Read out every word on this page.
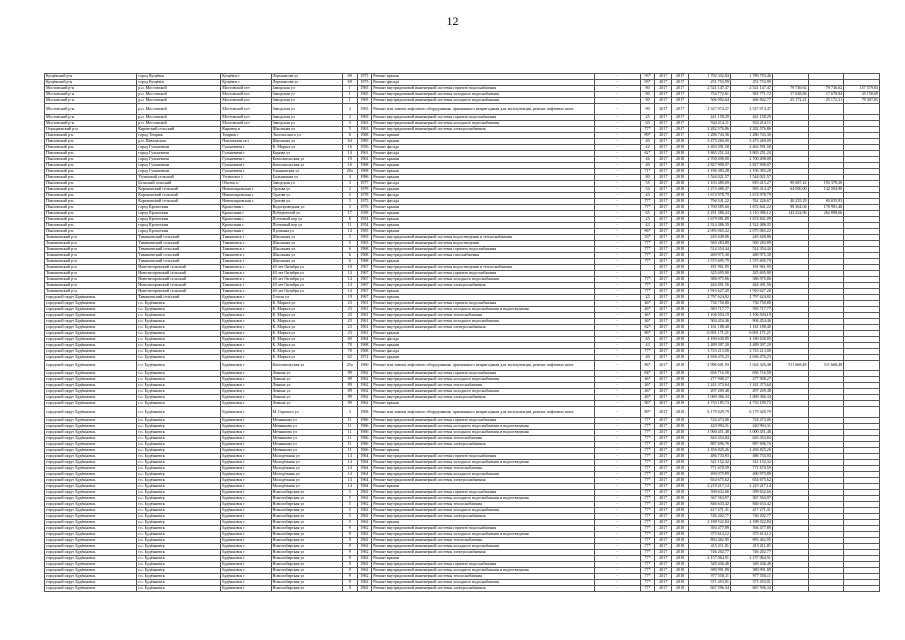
12
Кущёвский р-н	город Кущёвск	Кущёвск г	Лермонтова ул	69	1975	Ремонт крыши	-	93*	2017	2017	1 792 332,84	1 789 793,46			
Кущёвский р-н	город Кущёвск	Кущёвск г	Лермонтова ул	69	1975	Ремонт фасада	-	93*	2017	2017	251 753,99	251 753,99			
Мостовский р-н	р.п. Мостовской	Мостовской пгт	Заводская ул	1	1965	Ремонт внутридомовой инженерной системы горячего водоснабжения	-	80	2017	2017	2 521 147,47	2 521 147,47	79 736,62	79 736,62	157 579,83
Мостовский р-н	р.п. Мостовской	Мостовской пгт	Заводская ул	1	1965	Ремонт внутридомовой инженерной системы холодного водоснабжения	-	80	2017	2017	754 772,61	581 771,72	17 628,84	17 678,84	35 158,69
Мостовский р-н	р.п. Мостовской	Мостовской пгт	Заводская ул	1	1965	Ремонт внутридомовой инженерной системы холодного водоснабжения	-	80	2017	2017	506 902,64	466 842,77	25 172,21	25 172,21	79 307,65
Мостовский р-н	р.п. Мостовской	Мостовской пгт	Заводская ул	2	1963	Ремонт или замена лифтового оборудования, признанного непригодным для эксплуатации, ремонт лифтовых шахт	-	90	2017	2017	2 527 074,47	2 527 074,47			
Мостовский р-н	р.п. Мостовской	Мостовской пгт	Заводская ул	2	1965	Ремонт внутридомовой инженерной системы горячего водоснабжения	-	25	2017	2017	441 158,29	441 158,29			
Мостовский р-н	р.п. Мостовской	Мостовской пгт	Заводская ул	3	1963	Ремонт внутридомовой инженерной системы холодного водоснабжения	-	65	2017	2017	944 214,11	944 214,11			
Отрадненский р-н	Кировский сельский	Кировец п	Школьная ул	5	1963	Ремонт внутридомовой инженерной системы электроснабжения	-	77*	2017	2017	2 282 576,86	2 282 576,86			
Павловский р-н	город Темрюк	Темрюк г	Энгельсского ул	6	1968	Ремонт крыши	-	89*	2017	2017	1 286 743,36	1 286 743,36			
Павловский р-н	р.п. Павловская	Павловская пгт	Школьная ул	64	1985	Ремонт крыши	-	40	2017	2018	3 475 260,00	3 475 260,00			
Павловский р-н	город Гулькевичи	Гулькевичи г	К. Маркса ул	16	1956	Ремонт фасада	-	42	2017	2018	2 463 591,58	2 463 591,58			
Павловский р-н	город Гулькевичи	Гулькевичи г	Кирова ул	14	1961	Ремонт фасада	-	62*	2017	2018	3 865 251,24	3 865 251,24			
Павловский р-н	город Гулькевичи	Гулькевичи г	Комсомольская ул	19	1962	Ремонт крыши	-	46	2017	2018	2 700 498,00	2 700 498,00			
Павловский р-н	город Гулькевичи	Гулькевичи г	Комсомольская ул	16	1968	Ремонт крыши	-	40	2017	2018	2 827 908,07	2 827 908,07			
Павловский р-н	город Гулькевичи	Гулькевичи г	Ульяновская ул	20а	1968	Ремонт крыши	-	71*	2017	2018	2 196 383,28	2 196 383,28			
Павловский р-н	Успенский сельский	Успенское с	Больничная ул	4	1986	Ремонт крыши	-	80	2017	2018	1 544 021,57	1 544 021,57			
Павловский р-н	Бельский сельский	Обиток п	Заводская ул	3	1977	Ремонт фасада	-	55	2017	2018	1 103 480,69	819 415,27	90 687,22	193 378,20	
Павловский р-н	Кореновский сельский	Новопокровская с	Орлова ул	2	1978	Ремонт крыши	-	54	2017	2018	1 274 480,47	965 414,47	64 000,00	142 504,90	
Павловский р-н	Кореновский сельский	Новопокровская с	Орлова ул	2	1978	Ремонт фасада	-	45	2017	2018	1 674 978,79	1 674 978,79			
Павловский р-н	Кореновский сельский	Новопокровская с	Орлова ул	3	1975	Ремонт фасада	-	77*	2017	2018	794 541,22	761 226,67	40 235,29	65 035,93	
Павловский р-н	город Кропоткин	Кропоткин г	Водопроводная ул	3	1976	Ремонт крыши	-	77*	2017	2018	1 700 585,60	1 672 641,22	98 364,04	170 981,40	
Павловский р-н	город Кропоткин	Кропоткин г	Победителей ул	17	1958	Ремонт крыши	-	65	2017	2018	2 251 386,24	2 110 386,12	143 222,96	262 898,66	
Павловский р-н	город Кропоткин	Кропоткин г	Почтовый пер ул	8	1954	Ремонт крыши	-	25	2017	2018	1 679 081,09	1 674 841,09			
Павловский р-н	город Кропоткин	Кропоткин г	Почтовый пер ул	11	1954	Ремонт крыши	-	43	2017	2018	2 314 486,35	2 314 486,35			
Павловский р-н	город Кропоткин	Кропоткин г	Пушкина ул	14	1965	Ремонт крыши	-	86*	2017	2018	2 095 065,22	2 075 065,22			
Тимашевский р-н	Тимашевский сельский	Тимашевск г	Школьная ул	5	1963	Ремонт внутридомовой инженерной системы водоотведения и теплоснабжения	-	53*	2017	2018	245 649,86	245 649,86			
Тимашевский р-н	Тимашевский сельский	Тимашевск г	Школьная ул	5	1963	Ремонт внутридомовой инженерной системы водоотведения	-	77*	2017	2018	569 283,89	569 283,89			
Тимашевский р-н	Тимашевский сельский	Тимашевск г	Школьная ул	6	1968	Ремонт внутридомовой инженерной системы горячего водоснабжения	-	77*	2017	2018	514 354,44	514 354,44			
Тимашевский р-н	Тимашевский сельский	Тимашевск г	Школьная ул	6	1968	Ремонт внутридомовой инженерной системы газоснабжения	-	77*	2017	2018	469 975,30	469 975,30			
Тимашевский р-н	Тимашевский сельский	Тимашевск г	Школьная ул	6	1968	Ремонт крыши	-	77*	2017	2018	1 575 695,79	1 575 695,79			
Тимашевский р-н	Новотитаровский сельский	Тимашевск г	40 лет Октября ул	10	1967	Ремонт внутридомовой инженерной системы водоотведения и теплоснабжения	-		2017	2018	181 961,95	181 961,95			
Тимашевский р-н	Новотитаровский сельский	Тимашевск г	40 лет Октября ул	14	1967	Ремонт внутридомовой инженерной системы горячего водоснабжения	-		2017	2018	325 695,90	325 695,90			
Тимашевский р-н	Новотитаровский сельский	Тимашевск г	40 лет Октября ул	14	1967	Ремонт внутридомовой инженерной системы холодного водоснабжения	-	77*	2017	2018	386 975,86	386 975,86			
Тимашевский р-н	Новотитаровский сельский	Тимашевск г	40 лет Октября ул	14	1967	Ремонт внутридомовой инженерной системы электроснабжения	-	77*	2017	2018	444 491,56	444 491,56			
Тимашевский р-н	Новотитаровский сельский	Тимашевск г	40 лет Октября ул	14	1967	Ремонт крыши	-	77*	2017	2018	1 910 627,20	1 910 627,20			
городской округ Будённовск	Тимашевский сельский	Будённовск г	Гоголя ул	19	1967	Ремонт крыши	-	25	2017	2018	2 797 624,92	2 797 624,92			
городской округ Будённовск	г.о. Будённовск	Будённовск г	К. Маркса ул	23	1961	Ремонт внутридомовой инженерной системы горячего водоснабжения	-	46*	2017	2018	736 750,80	736 750,80			
городской округ Будённовск	г.о. Будённовск	Будённовск г	К. Маркса ул	23	1961	Ремонт внутридомовой инженерной системы холодного водоснабжения и водоотведения	-	46*	2017	2018	583 717,77	583 717,77			
городской округ Будённовск	г.о. Будённовск	Будённовск г	К. Маркса ул	23	1961	Ремонт внутридомовой инженерной системы теплоснабжения	-	46*	2017	2018	1 106 504,19	1 106 504,19			
городской округ Будённовск	г.о. Будённовск	Будённовск г	К. Маркса ул	23	1961	Ремонт внутридомовой инженерной системы холодного водоснабжения	-	46*	2017	2018	904 454,46	904 454,46			
городской округ Будённовск	г.о. Будённовск	Будённовск г	К. Маркса ул	23	1961	Ремонт внутридомовой инженерной системы электроснабжения	-	62*	2017	2018	1 161 188,40	1 161 188,40			
городской округ Будённовск	г.о. Будённовск	Будённовск г	К. Маркса ул	23	1961	Ремонт крыши	-	86*	2017	2018	6 691 171,21	6 691 171,21			
городской округ Будённовск	г.о. Будённовск	Будённовск г	К. Маркса ул	60	1964	Ремонт фасада	-	65	2017	2018	4 180 630,85	4 180 630,85			
городской округ Будённовск	г.о. Будённовск	Будённовск г	К. Маркса ул	70	1968	Ремонт крыши	-	43	2017	2018	2 489 397,20	2 489 397,20			
городской округ Будённовск	г.о. Будённовск	Будённовск г	К. Маркса ул	70	1968	Ремонт фасада	-	77*	2017	2018	3 723 213,00	3 723 213,00			
городской округ Будённовск	г.о. Будённовск	Будённовск г	К. Маркса ул	62	1972	Ремонт крыши	-	40	2017	2018	4 636 476,23	4 636 476,23			
городской округ Будённовск	г.о. Будённовск	Будённовск г	Комсомольская ул	25а	1960	Ремонт или замена лифтового оборудования, признанного непригодным для эксплуатации, ремонт лифтовых шахт	-	86*	2017	2018	2 996 601,93	1 024 326,48	511 668,48	511 668,48	
городской округ Будённовск	г.о. Будённовск	Будённовск г	Ленина ул	89	1962	Ремонт внутридомовой инженерной системы горячего водоснабжения	-	84*	2017	2018	656 716,50	656 716,50			
городской округ Будённовск	г.о. Будённовск	Будённовск г	Ленина ул	89	1962	Ремонт внутридомовой инженерной системы холодного водоснабжения	-	46*	2017	2018	277 908,27	277 908,27			
городской округ Будённовск	г.о. Будённовск	Будённовск г	Ленина ул	89	1962	Ремонт внутридомовой инженерной системы теплоснабжения	-	46*	2017	2018	1 241 373,64	1 241 373,64			
городской округ Будённовск	г.о. Будённовск	Будённовск г	Ленина ул	89	1962	Ремонт внутридомовой инженерной системы холодного водоснабжения	-	46*	2017	2018	497 209,48	497 209,48			
городской округ Будённовск	г.о. Будённовск	Будённовск г	Ленина ул	89	1962	Ремонт внутридомовой инженерной системы электроснабжения	-	46*	2017	2018	1 069 366,34	1 069 366,34			
городской округ Будённовск	г.о. Будённовск	Будённовск г	Ленина ул	89	1962	Ремонт крыши	-	86*	2017	2018	4 733 185,73	4 733 185,73			
городской округ Будённовск	г.о. Будённовск	Будённовск г	М. Горького ул	3	1968	Ремонт или замена лифтового оборудования, признанного непригодным для эксплуатации, ремонт лифтовых шахт	-	89*	2017	2018	6 179 429,79	6 179 429,79			
городской округ Будённовск	г.о. Будённовск	Будённовск г	Мечникова ул	11	1966	Ремонт внутридомовой инженерной системы горячего водоснабжения	-	77*	2017	2018	724 473,06	724 473,06			
городской округ Будённовск	г.о. Будённовск	Будённовск г	Мечникова ул	11	1966	Ремонт внутридомовой инженерной системы холодного водоснабжения и водоотведения	-	77*	2017	2018	420 994,31	420 994,31			
городской округ Будённовск	г.о. Будённовск	Будённовск г	Мечникова ул	11	1966	Ремонт внутридомовой инженерной системы холодного водоснабжения и водоотведения	-	77*	2017	2018	1 000 451,48	1 000 451,48			
городской округ Будённовск	г.о. Будённовск	Будённовск г	Мечникова ул	11	1966	Ремонт внутридомовой инженерной системы теплоснабжения	-	77*	2017	2018	643 454,84	643 454,84			
городской округ Будённовск	г.о. Будённовск	Будённовск г	Мечникова ул	11	1966	Ремонт внутридомовой инженерной системы электроснабжения	-	77*	2017	2018	887 696,76	887 696,76			
городской округ Будённовск	г.о. Будённовск	Будённовск г	Мечникова ул	11	1966	Ремонт крыши	-	77*	2017	2018	2 456 825,26	2 456 825,26			
городской округ Будённовск	г.о. Будённовск	Будённовск г	Молодёжная ул	14	1964	Ремонт внутридомовой инженерной системы горячего водоснабжения	-	77*	2017	2018	486 733,93	486 733,93			
городской округ Будённовск	г.о. Будённовск	Будённовск г	Молодёжная ул	14	1964	Ремонт внутридомовой инженерной системы холодного водоснабжения и водоотведения	-	77*	2017	2018	321 152,32	321 152,32			
городской округ Будённовск	г.о. Будённовск	Будённовск г	Молодёжная ул	14	1964	Ремонт внутридомовой инженерной системы теплоснабжения	-	77*	2017	2018	771 670,59	771 670,59			
городской округ Будённовск	г.о. Будённовск	Будённовск г	Молодёжная ул	14	1964	Ремонт внутридомовой инженерной системы холодного водоснабжения	-	77*	2017	2018	490 975,89	490 975,89			
городской округ Будённовск	г.о. Будённовск	Будённовск г	Молодёжная ул	14	1964	Ремонт внутридомовой инженерной системы электроснабжения	-	77*	2017	2018	654 675,62	654 675,62			
городской округ Будённовск	г.о. Будённовск	Будённовск г	Молодёжная ул	14	1964	Ремонт крыши	-	77*	2017	2018	2 219 217,14	2 219 217,14			
городской округ Будённовск	г.о. Будённовск	Будённовск г	Новосибирская ул	5	1962	Ремонт внутридомовой инженерной системы горячего водоснабжения	-	77*	2017	2018	399 632,66	399 632,66			
городской округ Будённовск	г.о. Будённовск	Будённовск г	Новосибирская ул	5	1962	Ремонт внутридомовой инженерной системы холодного водоснабжения и водоотведения	-	77*	2017	2018	367 563,97	367 563,97			
городской округ Будённовск	г.о. Будённовск	Будённовск г	Новосибирская ул	5	1962	Ремонт внутридомовой инженерной системы теплоснабжения	-	77*	2017	2018	846 633,42	846 633,42			
городской округ Будённовск	г.о. Будённовск	Будённовск г	Новосибирская ул	5	1962	Ремонт внутридомовой инженерной системы холодного водоснабжения	-	77*	2017	2018	417 271,31	417 271,31			
городской округ Будённовск	г.о. Будённовск	Будённовск г	Новосибирская ул	5	1962	Ремонт внутридомовой инженерной системы электроснабжения	-	77*	2017	2018	746 202,77	746 202,77			
городской округ Будённовск	г.о. Будённовск	Будённовск г	Новосибирская ул	5	1962	Ремонт крыши	-	77*	2017	2018	2 188 522,84	2 188 522,84			
городской округ Будённовск	г.о. Будённовск	Будённовск г	Новосибирская ул	9	1962	Ремонт внутридомовой инженерной системы горячего водоснабжения	-	77*	2017	2018	394 477,89	394 477,89			
городской округ Будённовск	г.о. Будённовск	Будённовск г	Новосибирская ул	9	1962	Ремонт внутридомовой инженерной системы холодного водоснабжения и водоотведения	-	77*	2017	2018	375 614,12	375 614,12			
городской округ Будённовск	г.о. Будённовск	Будённовск г	Новосибирская ул	9	1962	Ремонт внутридомовой инженерной системы теплоснабжения	-	77*	2017	2018	893 462,95	893 462,95			
городской округ Будённовск	г.о. Будённовск	Будённовск г	Новосибирская ул	9	1962	Ремонт внутридомовой инженерной системы холодного водоснабжения	-	77*	2017	2018	415 211,81	415 211,81			
городской округ Будённовск	г.о. Будённовск	Будённовск г	Новосибирская ул	9	1962	Ремонт внутридомовой инженерной системы электроснабжения	-	77*	2017	2018	746 202,77	746 202,77			
городской округ Будённовск	г.о. Будённовск	Будённовск г	Новосибирская ул	9	1962	Ремонт крыши	-	77*	2017	2018	2 157 064,91	2 157 064,91			
городской округ Будённовск	г.о. Будённовск	Будённовск г	Новосибирская ул	9	1962	Ремонт внутридомовой инженерной системы горячего водоснабжения	-	77*	2017	2018	349 436,46	349 436,46			
городской округ Будённовск	г.о. Будённовск	Будённовск г	Новосибирская ул	9	1962	Ремонт внутридомовой инженерной системы холодного водоснабжения и водоотведения	-	77*	2017	2018	380 991,89	380 991,89			
городской округ Будённовск	г.о. Будённовск	Будённовск г	Новосибирская ул	9	1962	Ремонт внутридомовой инженерной системы теплоснабжения	-	77*	2017	2018	977 550,11	977 550,11			
городской округ Будённовск	г.о. Будённовск	Будённовск г	Новосибирская ул	9	1962	Ремонт внутридомовой инженерной системы холодного водоснабжения	-	77*	2017	2018	371 453,91	371 453,91			
городской округ Будённовск	г.о. Будённовск	Будённовск г	Новосибирская ул	9	1962	Ремонт внутридомовой инженерной системы электроснабжения	-	77*	2017	2018	667 596,34	667 596,34			
